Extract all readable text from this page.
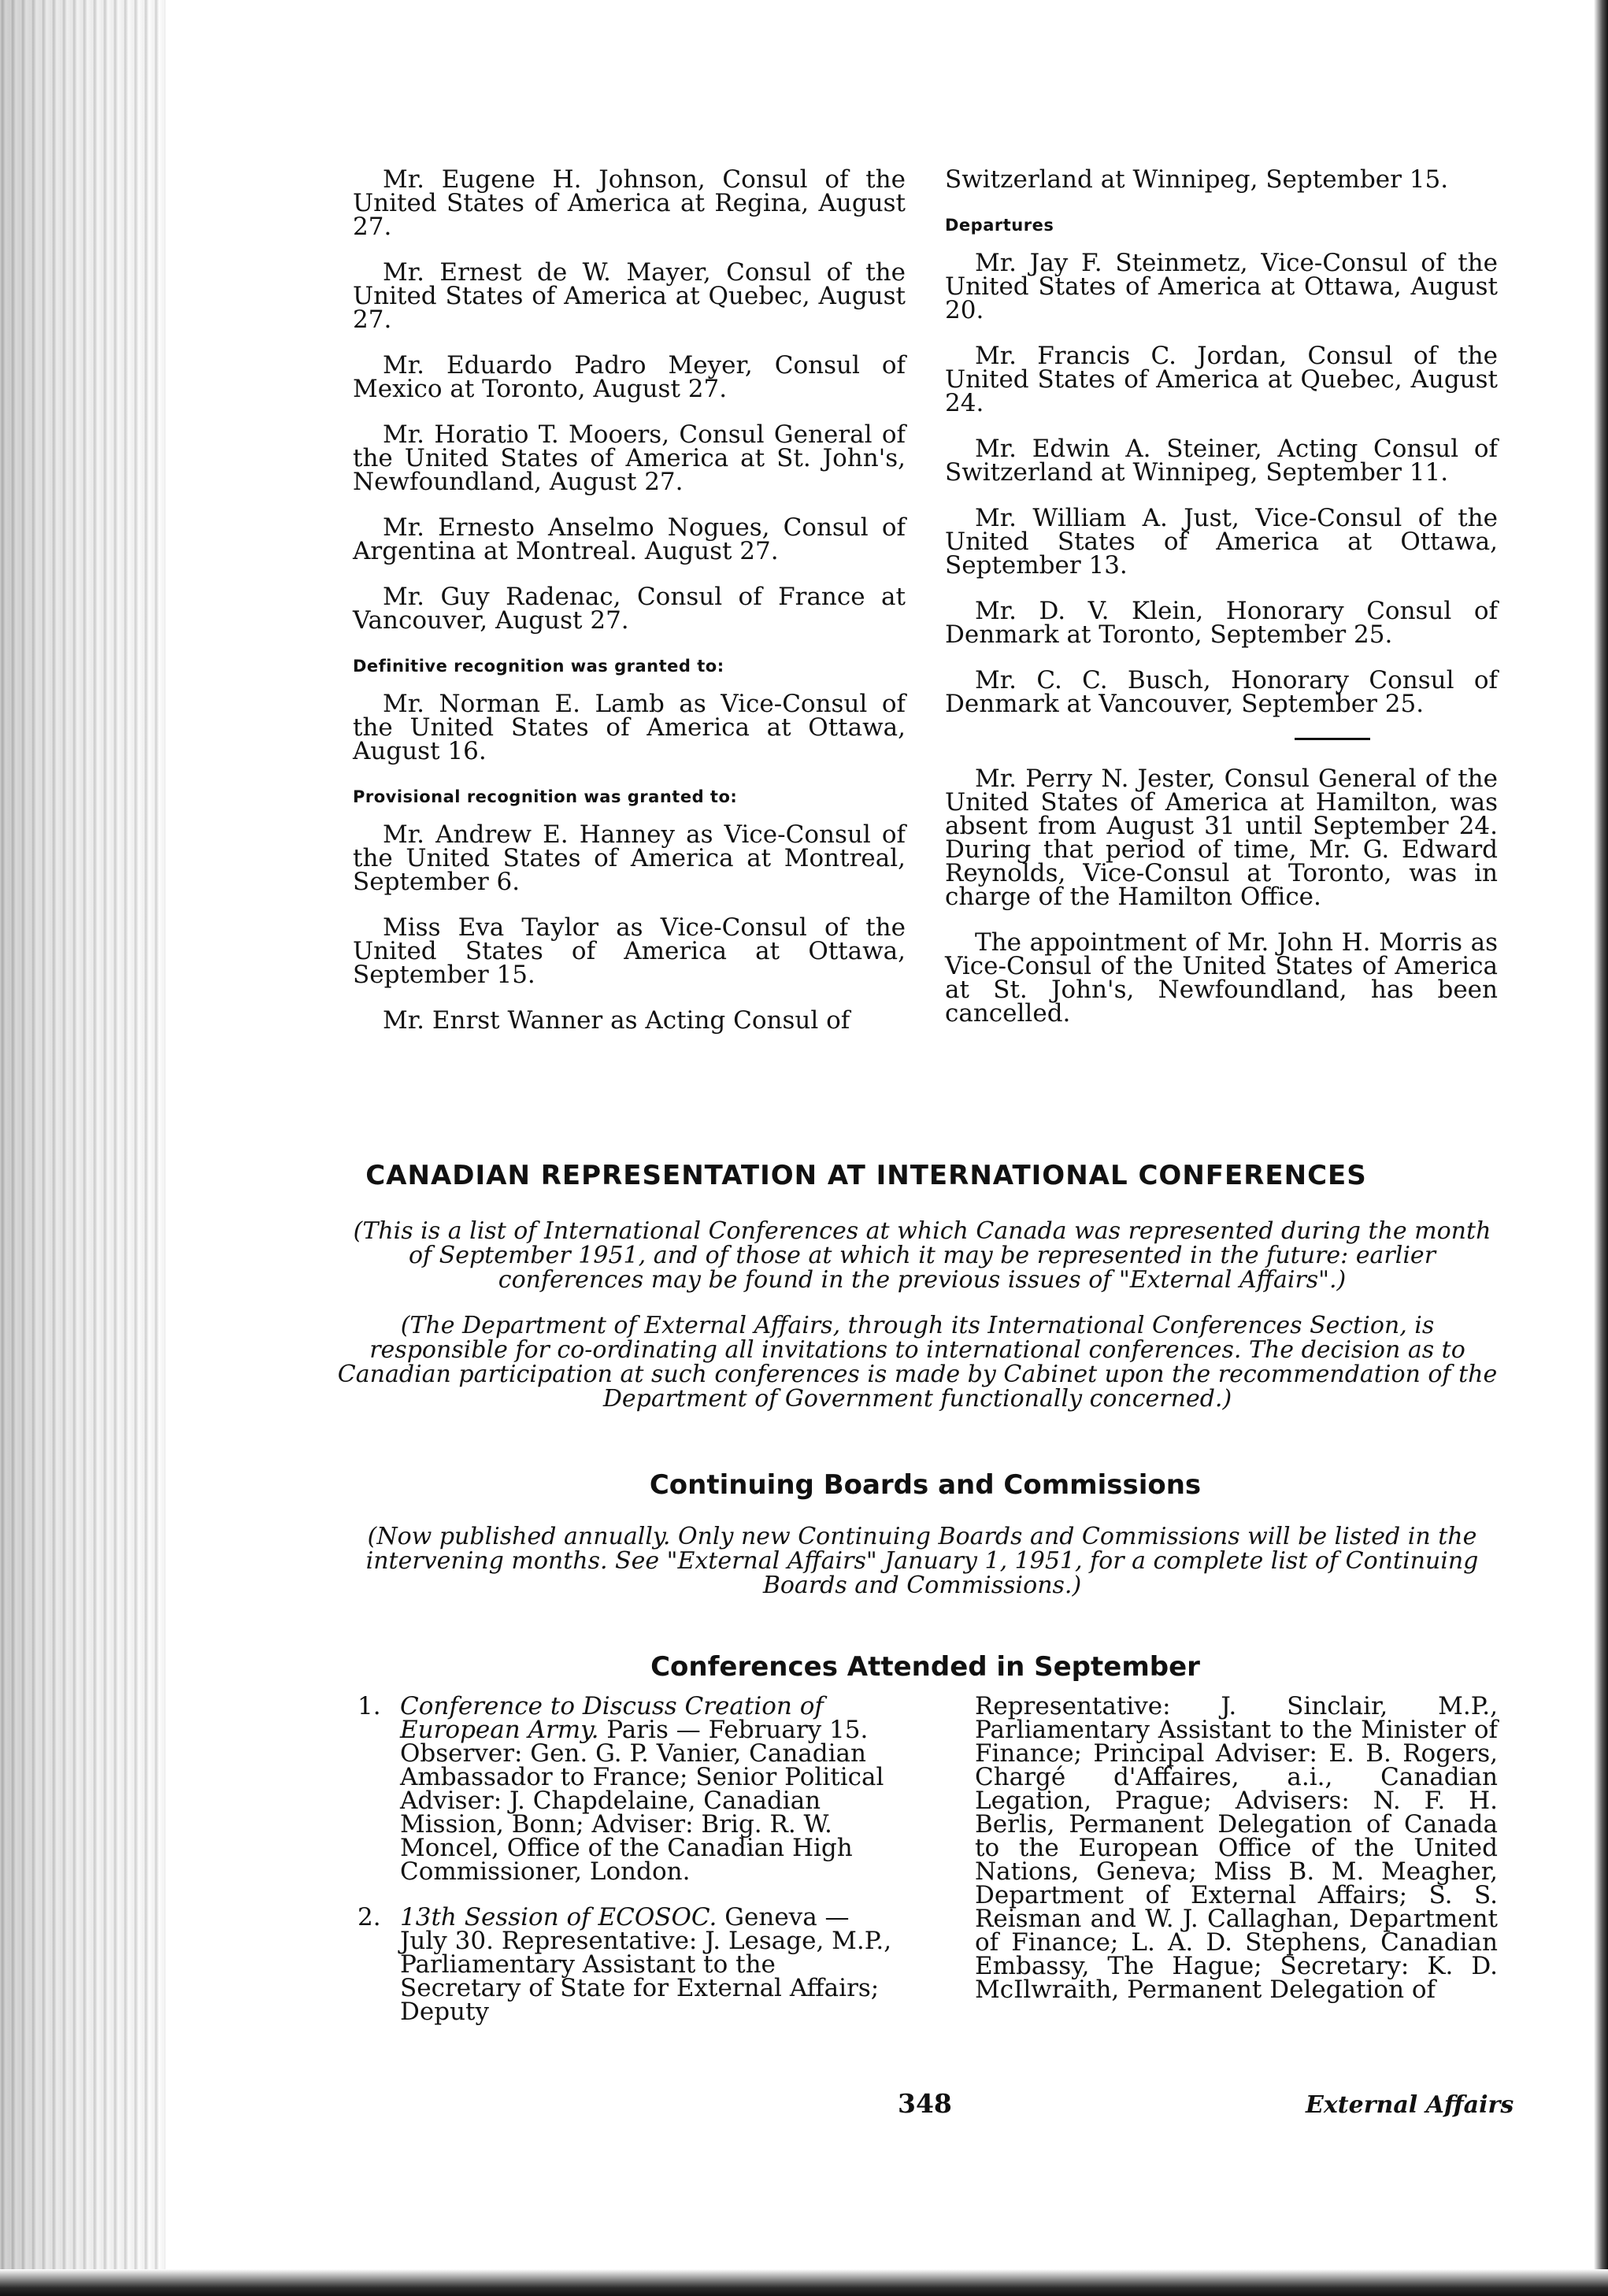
Mr. Eugene H. Johnson, Consul of the United States of America at Regina, August 27.

Mr. Ernest de W. Mayer, Consul of the United States of America at Quebec, August 27.

Mr. Eduardo Padro Meyer, Consul of Mexico at Toronto, August 27.

Mr. Horatio T. Mooers, Consul General of the United States of America at St. John's, Newfoundland, August 27.

Mr. Ernesto Anselmo Nogues, Consul of Argentina at Montreal. August 27.

Mr. Guy Radenac, Consul of France at Vancouver, August 27.

Definitive recognition was granted to:

Mr. Norman E. Lamb as Vice-Consul of the United States of America at Ottawa, August 16.

Provisional recognition was granted to:

Mr. Andrew E. Hanney as Vice-Consul of the United States of America at Montreal, September 6.

Miss Eva Taylor as Vice-Consul of the United States of America at Ottawa, September 15.

Mr. Enrst Wanner as Acting Consul of

Switzerland at Winnipeg, September 15.

Departures

Mr. Jay F. Steinmetz, Vice-Consul of the United States of America at Ottawa, August 20.

Mr. Francis C. Jordan, Consul of the United States of America at Quebec, August 24.

Mr. Edwin A. Steiner, Acting Consul of Switzerland at Winnipeg, September 11.

Mr. William A. Just, Vice-Consul of the United States of America at Ottawa, September 13.

Mr. D. V. Klein, Honorary Consul of Denmark at Toronto, September 25.

Mr. C. C. Busch, Honorary Consul of Denmark at Vancouver, September 25.

Mr. Perry N. Jester, Consul General of the United States of America at Hamilton, was absent from August 31 until September 24. During that period of time, Mr. G. Edward Reynolds, Vice-Consul at Toronto, was in charge of the Hamilton Office.

The appointment of Mr. John H. Morris as Vice-Consul of the United States of America at St. John's, Newfoundland, has been cancelled.

CANADIAN REPRESENTATION AT INTERNATIONAL CONFERENCES
(This is a list of International Conferences at which Canada was represented during the month of September 1951, and of those at which it may be represented in the future: earlier conferences may be found in the previous issues of "External Affairs".)
(The Department of External Affairs, through its International Conferences Section, is responsible for co-ordinating all invitations to international conferences. The decision as to Canadian participation at such conferences is made by Cabinet upon the recommendation of the Department of Government functionally concerned.)
Continuing Boards and Commissions
(Now published annually. Only new Continuing Boards and Commissions will be listed in the intervening months. See "External Affairs" January 1, 1951, for a complete list of Continuing Boards and Commissions.)
Conferences Attended in September
1. Conference to Discuss Creation of European Army. Paris — February 15. Observer: Gen. G. P. Vanier, Canadian Ambassador to France; Senior Political Adviser: J. Chapdelaine, Canadian Mission, Bonn; Adviser: Brig. R. W. Moncel, Office of the Canadian High Commissioner, London.
2. 13th Session of ECOSOC. Geneva — July 30. Representative: J. Lesage, M.P., Parliamentary Assistant to the Secretary of State for External Affairs; Deputy

Representative: J. Sinclair, M.P., Parliamentary Assistant to the Minister of Finance; Principal Adviser: E. B. Rogers, Chargé d'Affaires, a.i., Canadian Legation, Prague; Advisers: N. F. H. Berlis, Permanent Delegation of Canada to the European Office of the United Nations, Geneva; Miss B. M. Meagher, Department of External Affairs; S. S. Reisman and W. J. Callaghan, Department of Finance; L. A. D. Stephens, Canadian Embassy, The Hague; Secretary: K. D. McIlwraith, Permanent Delegation of

348	External Affairs
